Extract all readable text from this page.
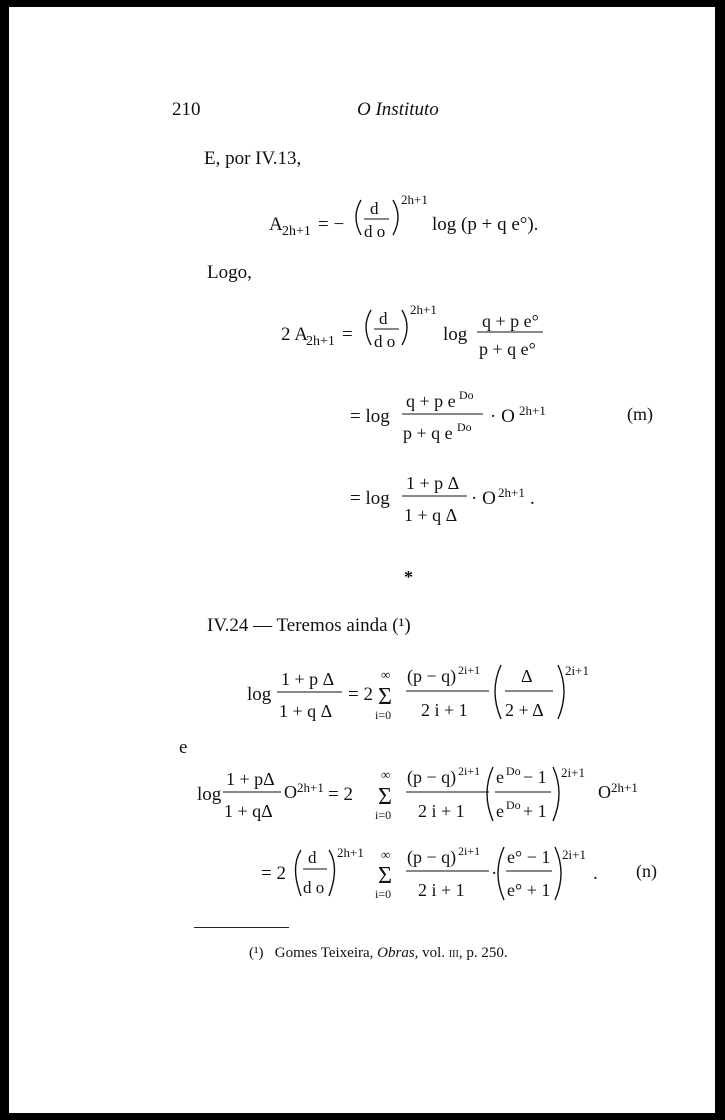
210	O Instituto
E, por IV.13,
A 2h+1 = −
d
d o
2h+1
log (p + q e°).
2 A
2h+1 =
d
d o
2h+1
log
q + p e°
p + q e°
= log
q + p e Do
p + q e Do · O 2h+1	(m)
= log
1 + p Δ
1 + q Δ
· O 2h+1 .
log
1 + p Δ
1 + q Δ
= 2
∞
Σ
i=0
(p − q) 2i+1
2 i + 1
Δ
2 + Δ
2i+1
log
1 + pΔ
1 + qΔ
O 2h+1 = 2
∞
Σ
i=0
(p − q) 2i+1
2 i + 1
e Do − 1
e Do + 1
2i+1
O 2h+1
= 2
d
d o
2h+1 ∞
Σ
i=0
(p − q) 2i+1
2 i + 1
·
e° − 1
e° + 1
2i+1
. (n)
Logo,
*
IV.24 — Teremos ainda (¹)
e
(¹) Gomes Teixeira, Obras, vol. iii, p. 250.
